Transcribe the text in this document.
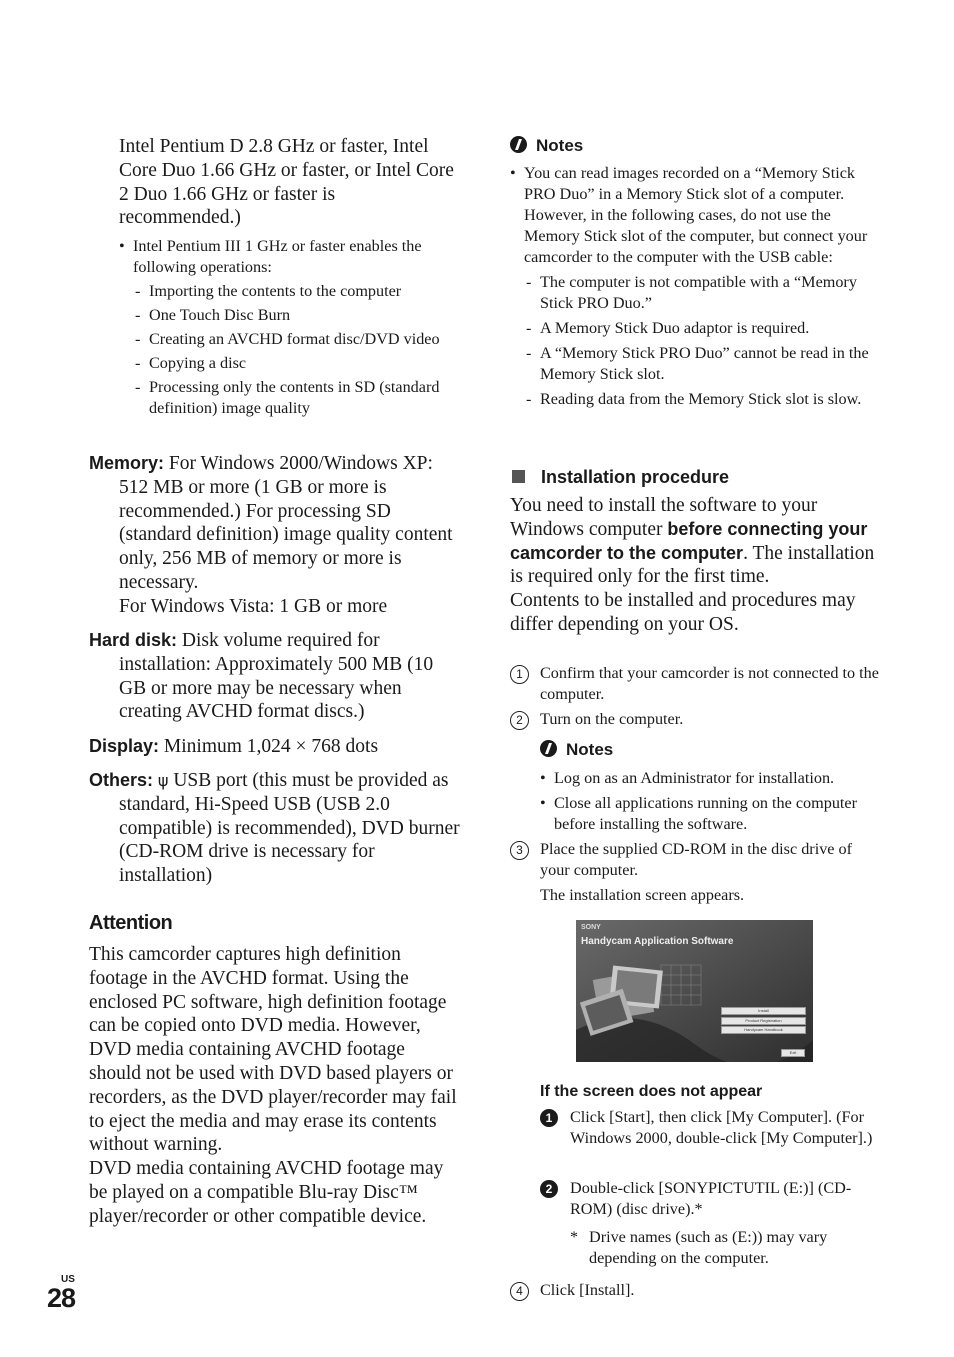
Intel Pentium D 2.8 GHz or faster, Intel Core Duo 1.66 GHz or faster, or Intel Core 2 Duo 1.66 GHz or faster is recommended.)
• Intel Pentium III 1 GHz or faster enables the following operations:
- Importing the contents to the computer
- One Touch Disc Burn
- Creating an AVCHD format disc/DVD video
- Copying a disc
- Processing only the contents in SD (standard definition) image quality
Memory: For Windows 2000/Windows XP: 512 MB or more (1 GB or more is recommended.) For processing SD (standard definition) image quality content only, 256 MB of memory or more is necessary.
For Windows Vista: 1 GB or more
Hard disk: Disk volume required for installation: Approximately 500 MB (10 GB or more may be necessary when creating AVCHD format discs.)
Display: Minimum 1,024 × 768 dots
Others: ψ USB port (this must be provided as standard, Hi-Speed USB (USB 2.0 compatible) is recommended), DVD burner (CD-ROM drive is necessary for installation)
Attention
This camcorder captures high definition footage in the AVCHD format. Using the enclosed PC software, high definition footage can be copied onto DVD media. However, DVD media containing AVCHD footage should not be used with DVD based players or recorders, as the DVD player/recorder may fail to eject the media and may erase its contents without warning.
DVD media containing AVCHD footage may be played on a compatible Blu-ray Disc™ player/recorder or other compatible device.
Notes
• You can read images recorded on a “Memory Stick PRO Duo” in a Memory Stick slot of a computer. However, in the following cases, do not use the Memory Stick slot of the computer, but connect your camcorder to the computer with the USB cable:
- The computer is not compatible with a “Memory Stick PRO Duo.”
- A Memory Stick Duo adaptor is required.
- A “Memory Stick PRO Duo” cannot be read in the Memory Stick slot.
- Reading data from the Memory Stick slot is slow.
Installation procedure
You need to install the software to your Windows computer before connecting your camcorder to the computer. The installation is required only for the first time.
Contents to be installed and procedures may differ depending on your OS.
1	Confirm that your camcorder is not connected to the computer.
2	Turn on the computer.
Notes
• Log on as an Administrator for installation.
• Close all applications running on the computer before installing the software.
3	Place the supplied CD-ROM in the disc drive of your computer.
The installation screen appears.
SONY
Handycam Application Software
Install
Product Registration
Handycam Handbook
Exit
If the screen does not appear
1	Click [Start], then click [My Computer]. (For Windows 2000, double-click [My Computer].)
2	Double-click [SONYPICTUTIL (E:)] (CD-ROM) (disc drive).*
* Drive names (such as (E:)) may vary depending on the computer.
4	Click [Install].
US
28
